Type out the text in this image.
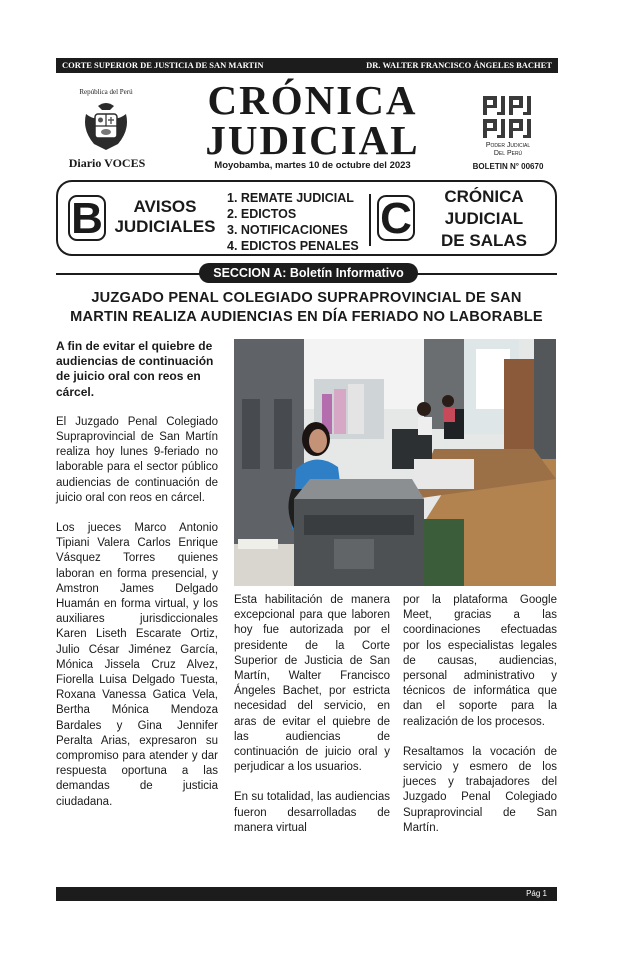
CORTE SUPERIOR DE JUSTICIA DE SAN MARTIN	DR. WALTER FRANCISCO ÁNGELES BACHET
República del Perú
Diario VOCES
CRÓNICA
JUDICIAL
Moyobamba, martes 10 de octubre del 2023
Poder Judicial
Del Perú
BOLETIN N° 00670
B	AVISOS
JUDICIALES
1. REMATE JUDICIAL
2. EDICTOS
3. NOTIFICACIONES
4. EDICTOS PENALES
C	CRÓNICA
JUDICIAL
DE SALAS
SECCION A: Boletín Informativo
JUZGADO PENAL COLEGIADO SUPRAPROVINCIAL DE SAN
MARTIN REALIZA AUDIENCIAS EN DÍA FERIADO NO LABORABLE

A fin de evitar el quiebre de audiencias de continuación de juicio oral con reos en cárcel.

El Juzgado Penal Colegiado Supraprovincial de San Martín realiza hoy lunes 9-feriado no laborable para el sector público audiencias de continuación de juicio oral con reos en cárcel.

Los jueces Marco Antonio Tipiani Valera Carlos Enrique Vásquez Torres quienes laboran en forma presencial, y Amstron James Delgado Huamán en forma virtual, y los auxiliares jurisdiccionales Karen Liseth Escarate Ortiz, Julio César Jiménez García, Mónica Jissela Cruz Alvez, Fiorella Luisa Delgado Tuesta, Roxana Vanessa Gatica Vela, Bertha Mónica Mendoza Bardales y Gina Jennifer Peralta Arias, expresaron su compromiso para atender y dar respuesta oportuna a las demandas de justicia ciudadana.

Esta habilitación de manera excepcional para que laboren hoy fue autorizada por el presidente de la Corte Superior de Justicia de San Martín, Walter Francisco Ángeles Bachet, por estricta necesidad del servicio, en aras de evitar el quiebre de las audiencias de continuación de juicio oral y perjudicar a los usuarios.

En su totalidad, las audiencias fueron desarrolladas de manera virtual

por la plataforma Google Meet, gracias a las coordinaciones efectuadas por los especialistas legales de causas, audiencias, personal administrativo y técnicos de informática que dan el soporte para la realización de los procesos.

Resaltamos la vocación de servicio y esmero de los jueces y trabajadores del Juzgado Penal Colegiado Supraprovincial de San Martín.

Pág 1
